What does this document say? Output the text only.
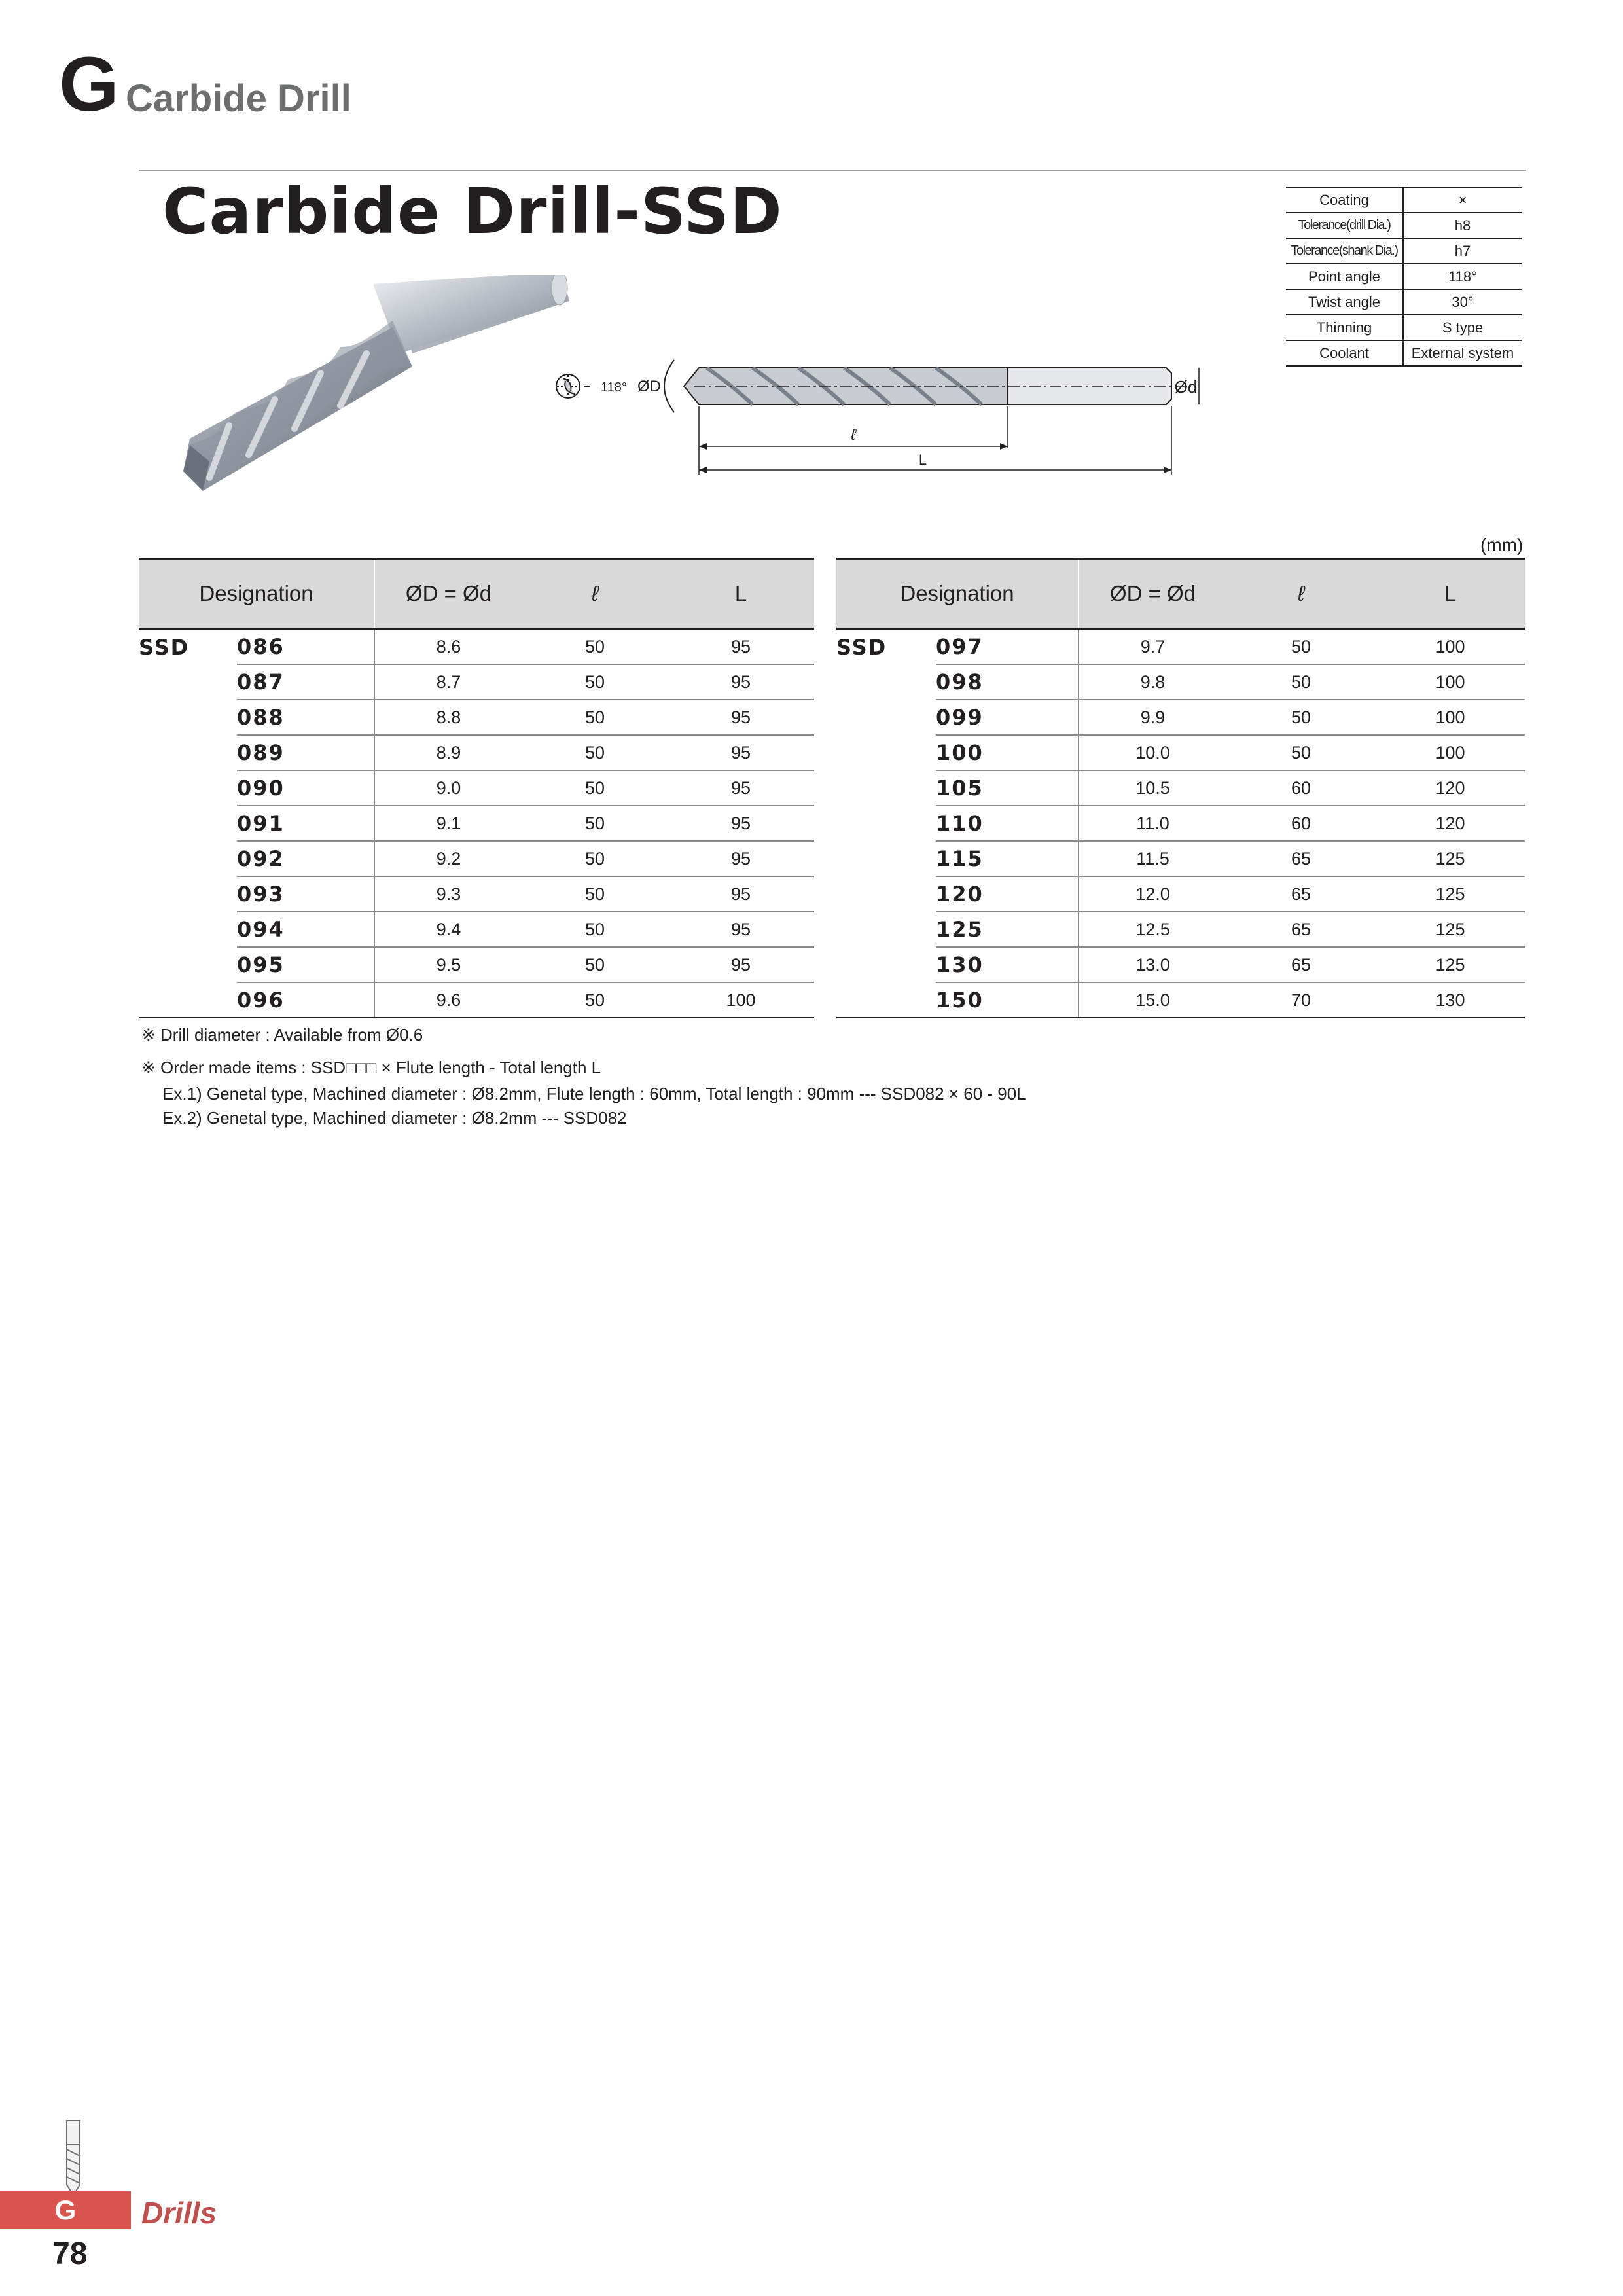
G Carbide Drill
Carbide Drill-SSD	Coating	×
Tolerance(drill Dia.)	h8
Tolerance(shank Dia.)	h7
Point angle	118°
Twist angle	30°
Thinning	S type
Coolant	External system
118° ØD	Ød
ℓ
L
(mm)
Designation		ØD = Ød	ℓ	L
SSD	086	8.6	50	95
	087	8.7	50	95
	088	8.8	50	95
	089	8.9	50	95
	090	9.0	50	95
	091	9.1	50	95
	092	9.2	50	95
	093	9.3	50	95
	094	9.4	50	95
	095	9.5	50	95
	096	9.6	50	100
Designation		ØD = Ød	ℓ	L
SSD	097	9.7	50	100
	098	9.8	50	100
	099	9.9	50	100
	100	10.0	50	100
	105	10.5	60	120
	110	11.0	60	120
	115	11.5	65	125
	120	12.0	65	125
	125	12.5	65	125
	130	13.0	65	125
	150	15.0	70	130
※ Drill diameter : Available from Ø0.6
※ Order made items : SSD□□□ × Flute length - Total length L
Ex.1) Genetal type, Machined diameter : Ø8.2mm, Flute length : 60mm, Total length : 90mm --- SSD082 × 60 - 90L
Ex.2) Genetal type, Machined diameter : Ø8.2mm --- SSD082
G	Drills
78
